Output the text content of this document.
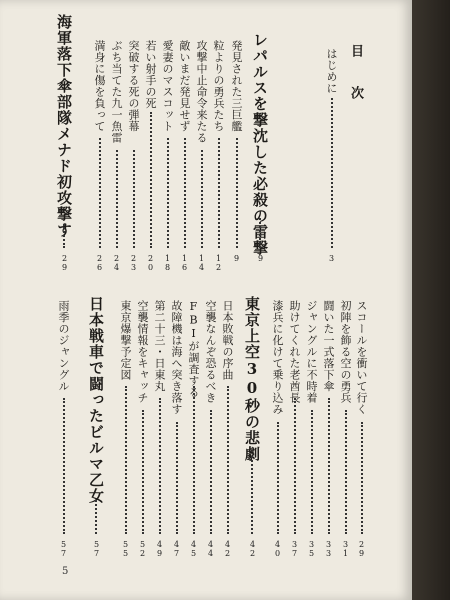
目　次
はじめに
3
レパルスを撃沈した必殺の雷撃
9
発見された三巨艦
9
粒よりの勇兵たち
12
攻撃中止命令来たる
14
敵いまだ発見せず
16
愛妻のマスコット
18
若い射手の死
20
突破する死の弾幕
23
ぶち当てた九一魚雷
24
満身に傷を負って
26
海軍落下傘部隊メナド初攻撃す
29
スコールを衝いて行く
29
初陣を飾る空の勇兵
31
闘いた一式落下傘
33
ジャングルに不時着
35
助けてくれた老酋長
37
漆兵に化けて乗り込み
40
東京上空30秒の悲劇
42
日本敗戦の序曲
42
空襲なんぞ恐るべき
44
FBIが調査する
45
故障機は海へ突き落す
47
第二十三・日東丸
49
空襲情報をキャッチ
52
東京爆撃予定図
55
日本戦車で闘ったビルマ乙女
57
雨季のジャングル
57
5
